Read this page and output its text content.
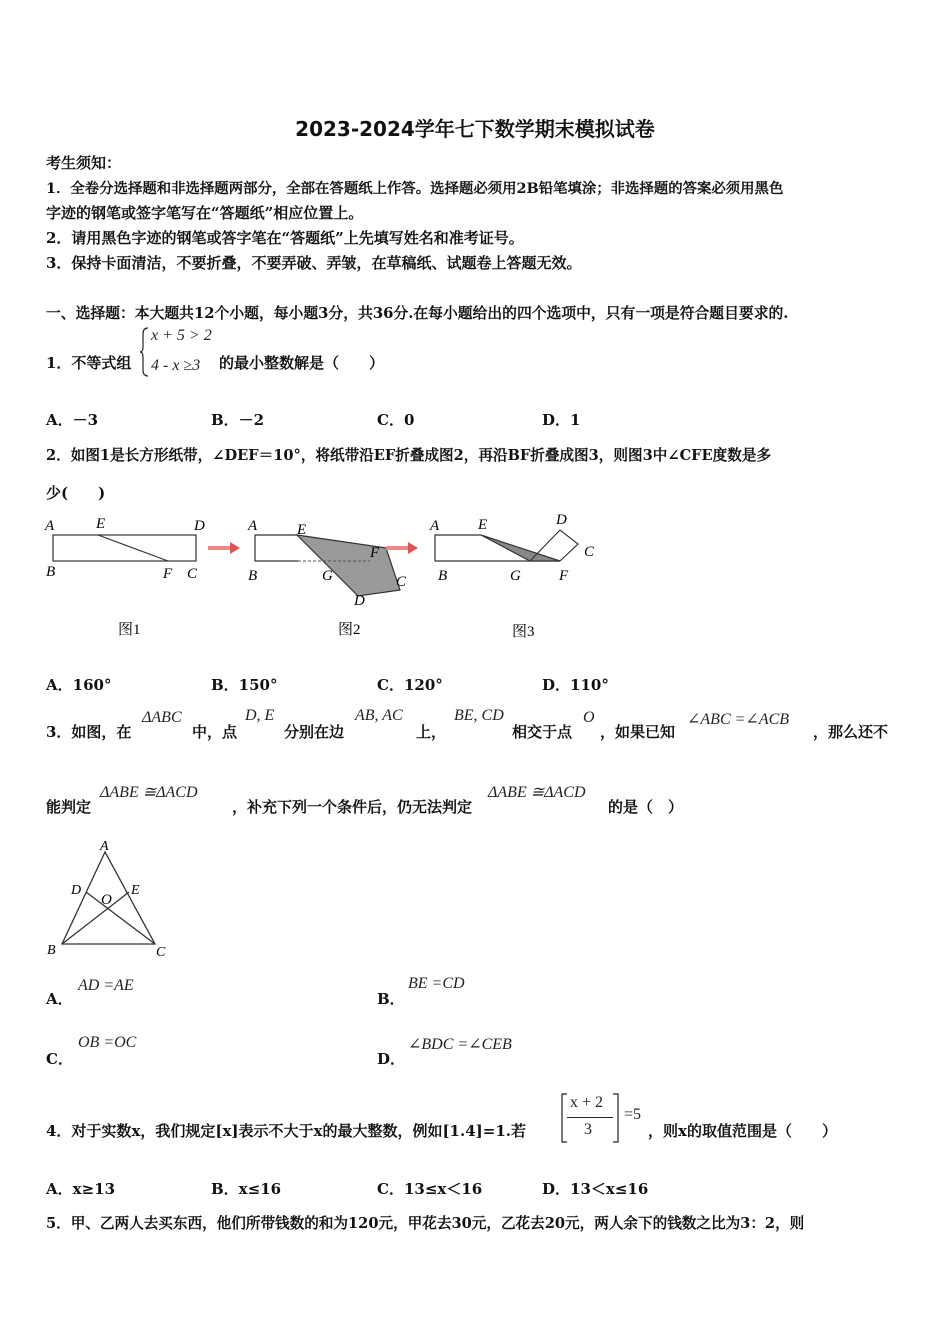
2023-2024学年七下数学期末模拟试卷
考生须知：
1．全卷分选择题和非选择题两部分，全部在答题纸上作答。选择题必须用2B铅笔填涂；非选择题的答案必须用黑色
字迹的钢笔或签字笔写在“答题纸”相应位置上。
2．请用黑色字迹的钢笔或答字笔在“答题纸”上先填写姓名和准考证号。
3．保持卡面清洁，不要折叠，不要弄破、弄皱，在草稿纸、试题卷上答题无效。
一、选择题：本大题共12个小题，每小题3分，共36分.在每小题给出的四个选项中，只有一项是符合题目要求的.
1．不等式组
x + 5 > 2
4 - x ≥3 的最小整数解是（　　）
A．－3	B．－2	C．0	D．1
2．如图1是长方形纸带，∠DEF＝10°，将纸带沿EF折叠成图2，再沿BF折叠成图3，则图3中∠CFE度数是多
少(　　)
A	E	D
B	F C
图1
A	E
F
B	G	C
D
图2
A	E	D
C
B	G	F
图3
A．160°	B．150°	C．120°	D．110°
3．如图，在
ΔABC
中，点
D, E
分别在边
AB, AC
上，
BE, CD
相交于点
O
，如果已知
∠ABC =∠ACB
，那么还不
能判定
ΔABE ≅ΔACD
，补充下列一个条件后，仍无法判定
ΔABE ≅ΔACD
的是（　）
A
D	E
O
B	C
A．
AD =AE
B．
BE =CD
C．
OB =OC
D．
∠BDC =∠CEB
4．对于实数x，我们规定[x]表示不大于x的最大整数，例如[1.4]=1.若
x + 2
3
=5
，则x的取值范围是（　　）
A．x≥13	B．x≤16	C．13≤x＜16	D．13＜x≤16
5．甲、乙两人去买东西，他们所带钱数的和为120元，甲花去30元，乙花去20元，两人余下的钱数之比为3：2，则
